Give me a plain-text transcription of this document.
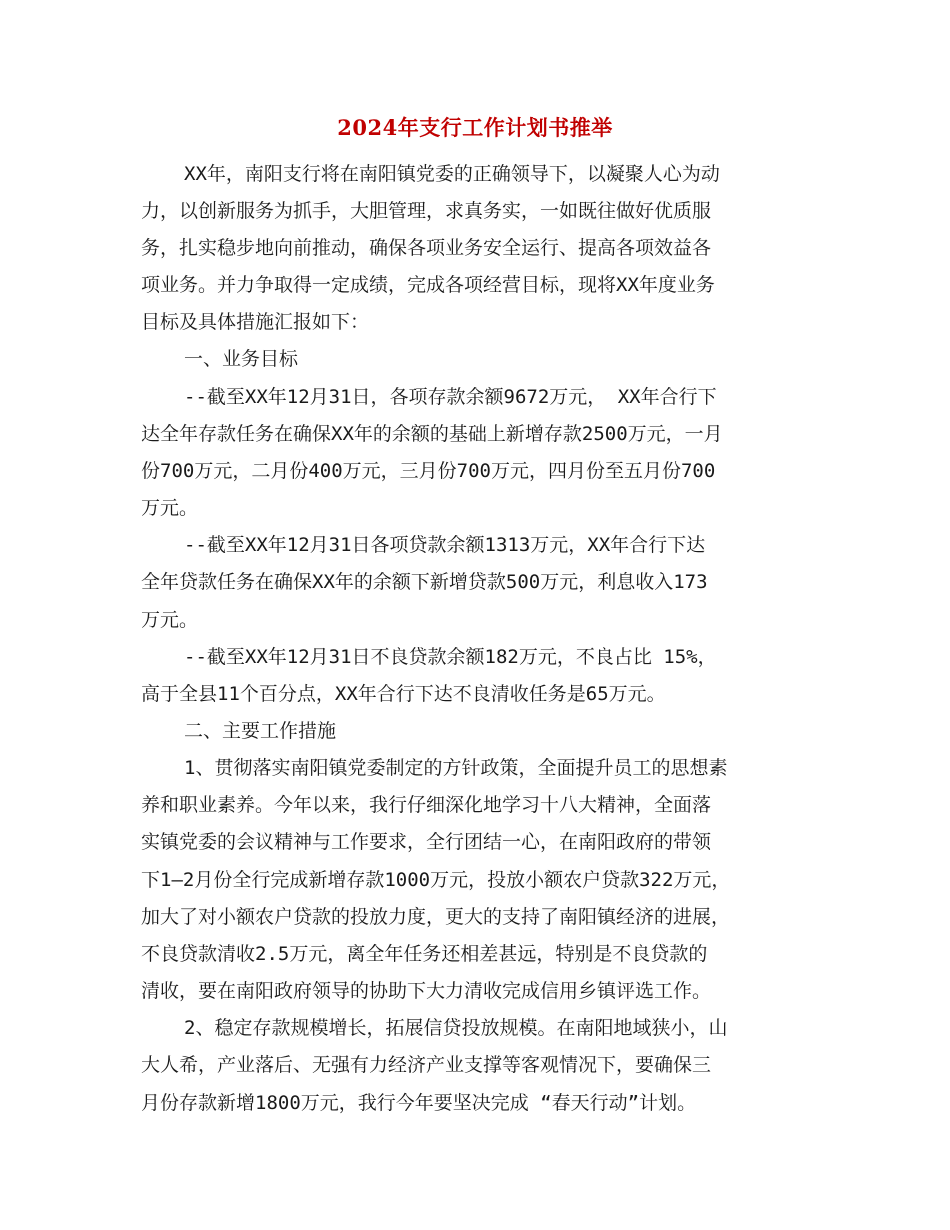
2024年支行工作计划书推举
XX年，南阳支行将在南阳镇党委的正确领导下，以凝聚人心为动
力，以创新服务为抓手，大胆管理，求真务实，一如既往做好优质服
务，扎实稳步地向前推动，确保各项业务安全运行、提高各项效益各
项业务。并力争取得一定成绩，完成各项经营目标，现将XX年度业务
目标及具体措施汇报如下：
一、业务目标
--截至XX年12月31日，各项存款余额9672万元， XX年合行下
达全年存款任务在确保XX年的余额的基础上新增存款2500万元，一月
份700万元，二月份400万元，三月份700万元，四月份至五月份700
万元。
--截至XX年12月31日各项贷款余额1313万元，XX年合行下达
全年贷款任务在确保XX年的余额下新增贷款500万元，利息收入173
万元。
--截至XX年12月31日不良贷款余额182万元，不良占比 15%，
高于全县11个百分点，XX年合行下达不良清收任务是65万元。
二、主要工作措施
1、贯彻落实南阳镇党委制定的方针政策，全面提升员工的思想素
养和职业素养。今年以来，我行仔细深化地学习十八大精神，全面落
实镇党委的会议精神与工作要求，全行团结一心，在南阳政府的带领
下1—2月份全行完成新增存款1000万元，投放小额农户贷款322万元，
加大了对小额农户贷款的投放力度，更大的支持了南阳镇经济的进展，
不良贷款清收2.5万元，离全年任务还相差甚远，特别是不良贷款的
清收，要在南阳政府领导的协助下大力清收完成信用乡镇评选工作。
2、稳定存款规模增长，拓展信贷投放规模。在南阳地域狭小，山
大人希，产业落后、无强有力经济产业支撑等客观情况下，要确保三
月份存款新增1800万元，我行今年要坚决完成 “春天行动”计划。
